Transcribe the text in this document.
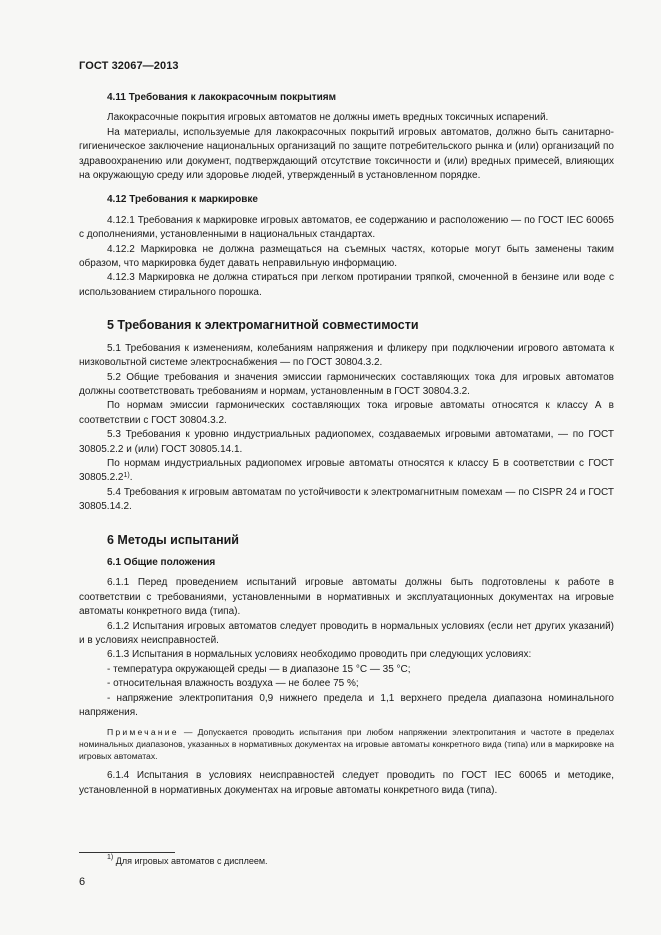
ГОСТ 32067—2013
4.11 Требования к лакокрасочным покрытиям

Лакокрасочные покрытия игровых автоматов не должны иметь вредных токсичных испарений.

На материалы, используемые для лакокрасочных покрытий игровых автоматов, должно быть санитарно-гигиеническое заключение национальных организаций по защите потребительского рынка и (или) организаций по здравоохранению или документ, подтверждающий отсутствие токсичности и (или) вредных примесей, влияющих на окружающую среду или здоровье людей, утвержденный в установленном порядке.

4.12 Требования к маркировке

4.12.1 Требования к маркировке игровых автоматов, ее содержанию и расположению — по ГОСТ IEC 60065 с дополнениями, установленными в национальных стандартах.

4.12.2 Маркировка не должна размещаться на съемных частях, которые могут быть заменены таким образом, что маркировка будет давать неправильную информацию.

4.12.3 Маркировка не должна стираться при легком протирании тряпкой, смоченной в бензине или воде с использованием стирального порошка.

5 Требования к электромагнитной совместимости

5.1 Требования к изменениям, колебаниям напряжения и фликеру при подключении игрового автомата к низковольтной системе электроснабжения — по ГОСТ 30804.3.2.

5.2 Общие требования и значения эмиссии гармонических составляющих тока для игровых автоматов должны соответствовать требованиям и нормам, установленным в ГОСТ 30804.3.2.

По нормам эмиссии гармонических составляющих тока игровые автоматы относятся к классу А в соответствии с ГОСТ 30804.3.2.

5.3 Требования к уровню индустриальных радиопомех, создаваемых игровыми автоматами, — по ГОСТ 30805.2.2 и (или) ГОСТ 30805.14.1.

По нормам индустриальных радиопомех игровые автоматы относятся к классу Б в соответствии с ГОСТ 30805.2.2$^{1)}$.

5.4 Требования к игровым автоматам по устойчивости к электромагнитным помехам — по CISPR 24 и ГОСТ 30805.14.2.

6 Методы испытаний
6.1 Общие положения

6.1.1 Перед проведением испытаний игровые автоматы должны быть подготовлены к работе в соответствии с требованиями, установленными в нормативных и эксплуатационных документах на игровые автоматы конкретного вида (типа).

6.1.2 Испытания игровых автоматов следует проводить в нормальных условиях (если нет других указаний) и в условиях неисправностей.

6.1.3 Испытания в нормальных условиях необходимо проводить при следующих условиях:

- температура окружающей среды — в диапазоне 15 °С — 35 °С;

- относительная влажность воздуха — не более 75 %;

- напряжение электропитания 0,9 нижнего предела и 1,1 верхнего предела диапазона номинального напряжения.

Примечание — Допускается проводить испытания при любом напряжении электропитания и частоте в пределах номинальных диапазонов, указанных в нормативных документах на игровые автоматы конкретного вида (типа) или в маркировке на игровых автоматах.

6.1.4 Испытания в условиях неисправностей следует проводить по ГОСТ IEC 60065 и методике, установленной в нормативных документах на игровые автоматы конкретного вида (типа).

$^{1)}$ Для игровых автоматов с дисплеем.
6
